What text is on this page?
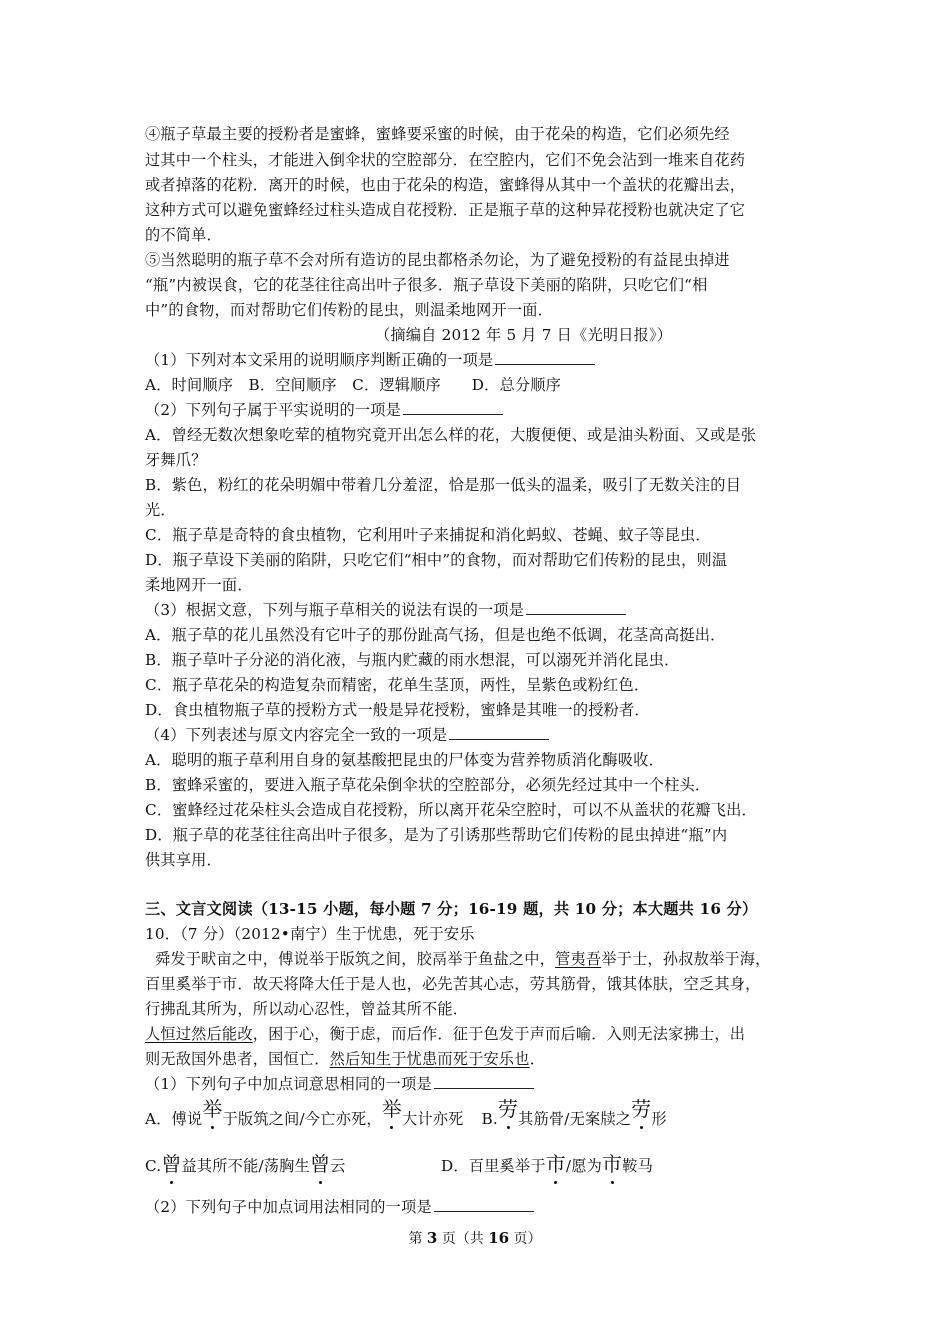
④瓶子草最主要的授粉者是蜜蜂，蜜蜂要采蜜的时候，由于花朵的构造，它们必须先经
过其中一个柱头，才能进入倒伞状的空腔部分．在空腔内，它们不免会沾到一堆来自花药
或者掉落的花粉．离开的时候，也由于花朵的构造，蜜蜂得从其中一个盖状的花瓣出去，
这种方式可以避免蜜蜂经过柱头造成自花授粉．正是瓶子草的这种异花授粉也就决定了它
的不简单．
⑤当然聪明的瓶子草不会对所有造访的昆虫都格杀勿论，为了避免授粉的有益昆虫掉进
“瓶”内被误食，它的花茎往往高出叶子很多．瓶子草设下美丽的陷阱，只吃它们“相
中”的食物，而对帮助它们传粉的昆虫，则温柔地网开一面．
（摘编自 2012 年 5 月 7 日《光明日报》）
（1）下列对本文采用的说明顺序判断正确的一项是
A．时间顺序　B．空间顺序　C．逻辑顺序　　D．总分顺序
（2）下列句子属于平实说明的一项是
A．曾经无数次想象吃荤的植物究竟开出怎么样的花，大腹便便、或是油头粉面、又或是张
牙舞爪？
B．紫色，粉红的花朵明媚中带着几分羞涩，恰是那一低头的温柔，吸引了无数关注的目
光．
C．瓶子草是奇特的食虫植物，它利用叶子来捕捉和消化蚂蚁、苍蝇、蚊子等昆虫．
D．瓶子草设下美丽的陷阱，只吃它们“相中”的食物，而对帮助它们传粉的昆虫，则温
柔地网开一面．
（3）根据文意，下列与瓶子草相关的说法有误的一项是
A．瓶子草的花儿虽然没有它叶子的那份趾高气扬，但是也绝不低调，花茎高高挺出．
B．瓶子草叶子分泌的消化液，与瓶内贮藏的雨水想混，可以溺死并消化昆虫．
C．瓶子草花朵的构造复杂而精密，花单生茎顶，两性，呈紫色或粉红色．
D．食虫植物瓶子草的授粉方式一般是异花授粉，蜜蜂是其唯一的授粉者．
（4）下列表述与原文内容完全一致的一项是
A．聪明的瓶子草利用自身的氨基酸把昆虫的尸体变为营养物质消化酶吸收．
B．蜜蜂采蜜的，要进入瓶子草花朵倒伞状的空腔部分，必须先经过其中一个柱头．
C．蜜蜂经过花朵柱头会造成自花授粉，所以离开花朵空腔时，可以不从盖状的花瓣飞出．
D．瓶子草的花茎往往高出叶子很多，是为了引诱那些帮助它们传粉的昆虫掉进“瓶”内
供其享用．
三、文言文阅读（13-15 小题，每小题 7 分；16-19 题，共 10 分；本大题共 16 分）
10．（7 分）（2012•南宁）生于忧患，死于安乐
舜发于畎亩之中，傅说举于版筑之间，胶鬲举于鱼盐之中，管夷吾举于士，孙叔敖举于海，
百里奚举于市．故天将降大任于是人也，必先苦其心志，劳其筋骨，饿其体肤，空乏其身，
行拂乱其所为，所以动心忍性，曾益其所不能．
人恒过然后能改，困于心，衡于虑，而后作．征于色发于声而后喻．入则无法家拂士，出
则无敌国外患者，国恒亡．然后知生于忧患而死于安乐也．
（1）下列句子中加点词意思相同的一项是
A．傅说举于版筑之间/今亡亦死，举大计亦死 B.劳其筋骨/无案牍之劳形
C.曾益其所不能/荡胸生曾云	D．百里奚举于市/愿为市鞍马
（2）下列句子中加点词用法相同的一项是
第 3 页（共 16 页）
